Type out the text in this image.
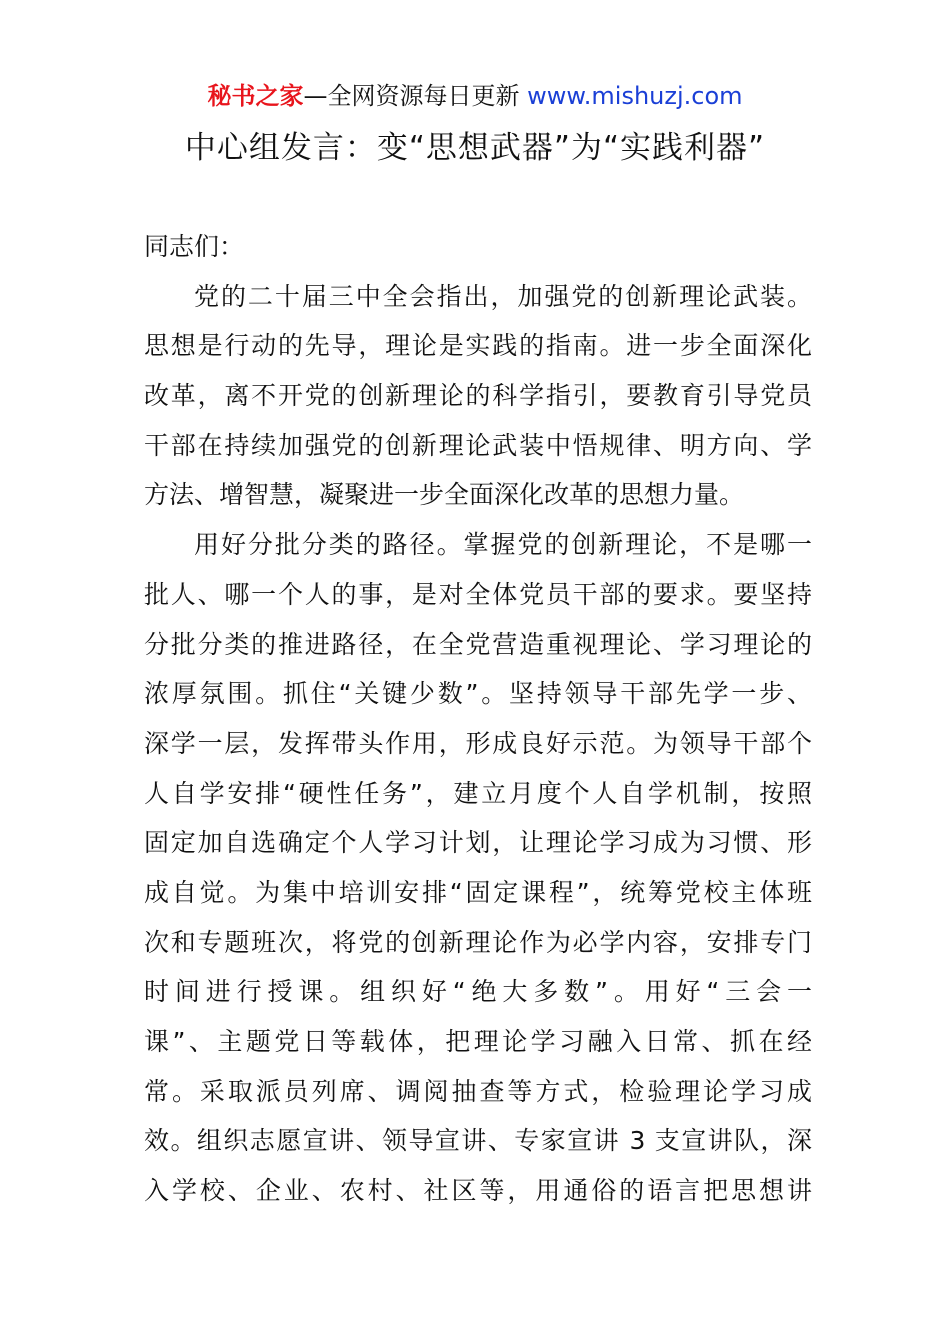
秘书之家—全网资源每日更新 www.mishuzj.com
中心组发言：变“思想武器”为“实践利器”
同志们：
党的二十届三中全会指出，加强党的创新理论武装。
思想是行动的先导，理论是实践的指南。进一步全面深化
改革，离不开党的创新理论的科学指引，要教育引导党员
干部在持续加强党的创新理论武装中悟规律、明方向、学
方法、增智慧，凝聚进一步全面深化改革的思想力量。
用好分批分类的路径。掌握党的创新理论，不是哪一
批人、哪一个人的事，是对全体党员干部的要求。要坚持
分批分类的推进路径，在全党营造重视理论、学习理论的
浓厚氛围。抓住“关键少数”。坚持领导干部先学一步、
深学一层，发挥带头作用，形成良好示范。为领导干部个
人自学安排“硬性任务”，建立月度个人自学机制，按照
固定加自选确定个人学习计划，让理论学习成为习惯、形
成自觉。为集中培训安排“固定课程”，统筹党校主体班
次和专题班次，将党的创新理论作为必学内容，安排专门
时间进行授课。组织好“绝大多数”。用好“三会一
课”、主题党日等载体，把理论学习融入日常、抓在经
常。采取派员列席、调阅抽查等方式，检验理论学习成
效。组织志愿宣讲、领导宣讲、专家宣讲 3 支宣讲队，深
入学校、企业、农村、社区等，用通俗的语言把思想讲
